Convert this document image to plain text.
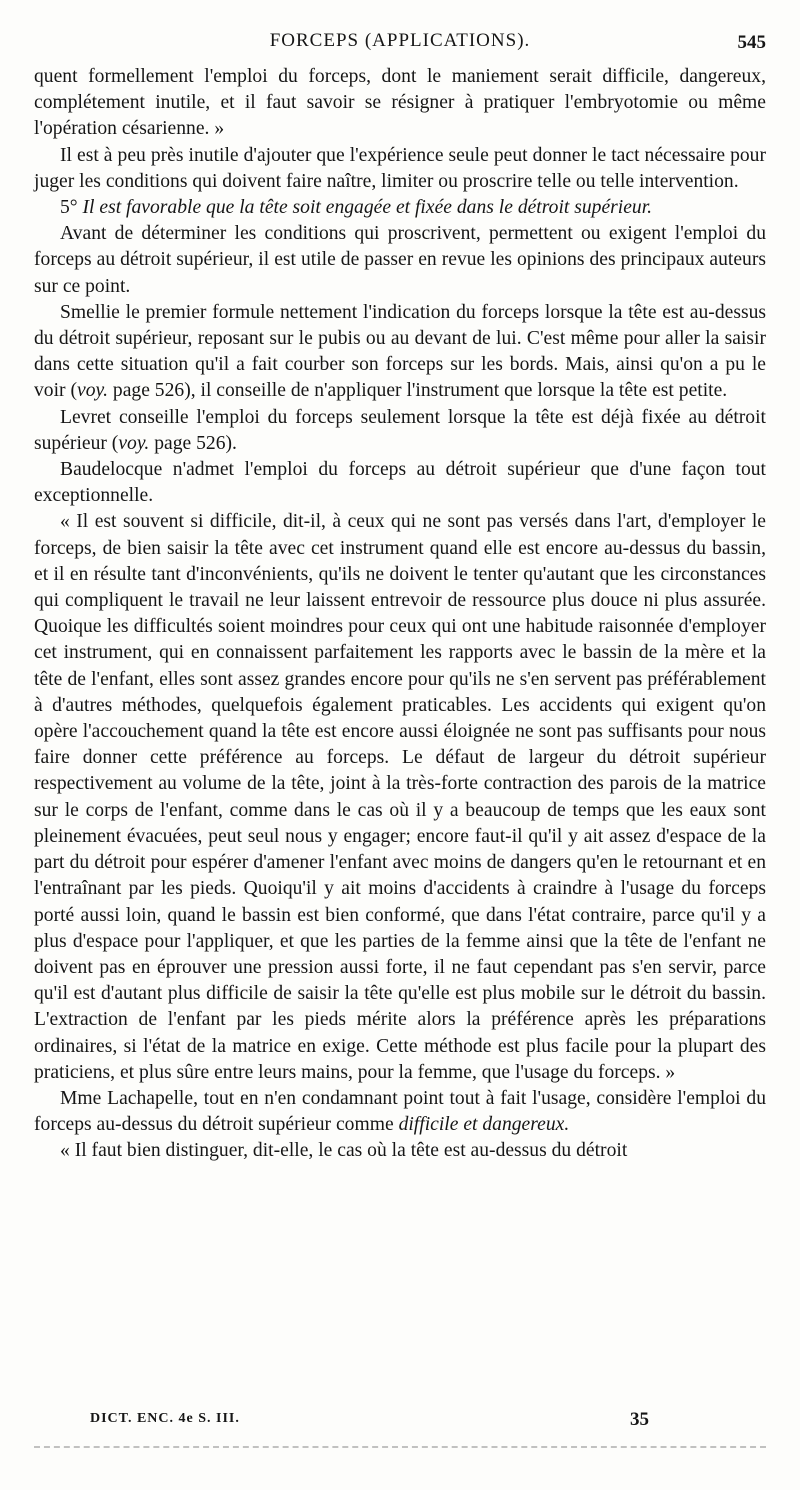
FORCEPS (APPLICATIONS).	545

quent formellement l'emploi du forceps, dont le maniement serait difficile, dangereux, complétement inutile, et il faut savoir se résigner à pratiquer l'embryotomie ou même l'opération césarienne. »

Il est à peu près inutile d'ajouter que l'expérience seule peut donner le tact nécessaire pour juger les conditions qui doivent faire naître, limiter ou proscrire telle ou telle intervention.

5° Il est favorable que la tête soit engagée et fixée dans le détroit supérieur.

Avant de déterminer les conditions qui proscrivent, permettent ou exigent l'emploi du forceps au détroit supérieur, il est utile de passer en revue les opinions des principaux auteurs sur ce point.

Smellie le premier formule nettement l'indication du forceps lorsque la tête est au-dessus du détroit supérieur, reposant sur le pubis ou au devant de lui. C'est même pour aller la saisir dans cette situation qu'il a fait courber son forceps sur les bords. Mais, ainsi qu'on a pu le voir (voy. page 526), il conseille de n'appliquer l'instrument que lorsque la tête est petite.

Levret conseille l'emploi du forceps seulement lorsque la tête est déjà fixée au détroit supérieur (voy. page 526).

Baudelocque n'admet l'emploi du forceps au détroit supérieur que d'une façon tout exceptionnelle.

« Il est souvent si difficile, dit-il, à ceux qui ne sont pas versés dans l'art, d'employer le forceps, de bien saisir la tête avec cet instrument quand elle est encore au-dessus du bassin, et il en résulte tant d'inconvénients, qu'ils ne doivent le tenter qu'autant que les circonstances qui compliquent le travail ne leur laissent entrevoir de ressource plus douce ni plus assurée. Quoique les difficultés soient moindres pour ceux qui ont une habitude raisonnée d'employer cet instrument, qui en connaissent parfaitement les rapports avec le bassin de la mère et la tête de l'enfant, elles sont assez grandes encore pour qu'ils ne s'en servent pas préférablement à d'autres méthodes, quelquefois également praticables. Les accidents qui exigent qu'on opère l'accouchement quand la tête est encore aussi éloignée ne sont pas suffisants pour nous faire donner cette préférence au forceps. Le défaut de largeur du détroit supérieur respectivement au volume de la tête, joint à la très-forte contraction des parois de la matrice sur le corps de l'enfant, comme dans le cas où il y a beaucoup de temps que les eaux sont pleinement évacuées, peut seul nous y engager; encore faut-il qu'il y ait assez d'espace de la part du détroit pour espérer d'amener l'enfant avec moins de dangers qu'en le retournant et en l'entraînant par les pieds. Quoiqu'il y ait moins d'accidents à craindre à l'usage du forceps porté aussi loin, quand le bassin est bien conformé, que dans l'état contraire, parce qu'il y a plus d'espace pour l'appliquer, et que les parties de la femme ainsi que la tête de l'enfant ne doivent pas en éprouver une pression aussi forte, il ne faut cependant pas s'en servir, parce qu'il est d'autant plus difficile de saisir la tête qu'elle est plus mobile sur le détroit du bassin. L'extraction de l'enfant par les pieds mérite alors la préférence après les préparations ordinaires, si l'état de la matrice en exige. Cette méthode est plus facile pour la plupart des praticiens, et plus sûre entre leurs mains, pour la femme, que l'usage du forceps. »

Mme Lachapelle, tout en n'en condamnant point tout à fait l'usage, considère l'emploi du forceps au-dessus du détroit supérieur comme difficile et dangereux.

« Il faut bien distinguer, dit-elle, le cas où la tête est au-dessus du détroit

DICT. ENC. 4e S. III.	35
